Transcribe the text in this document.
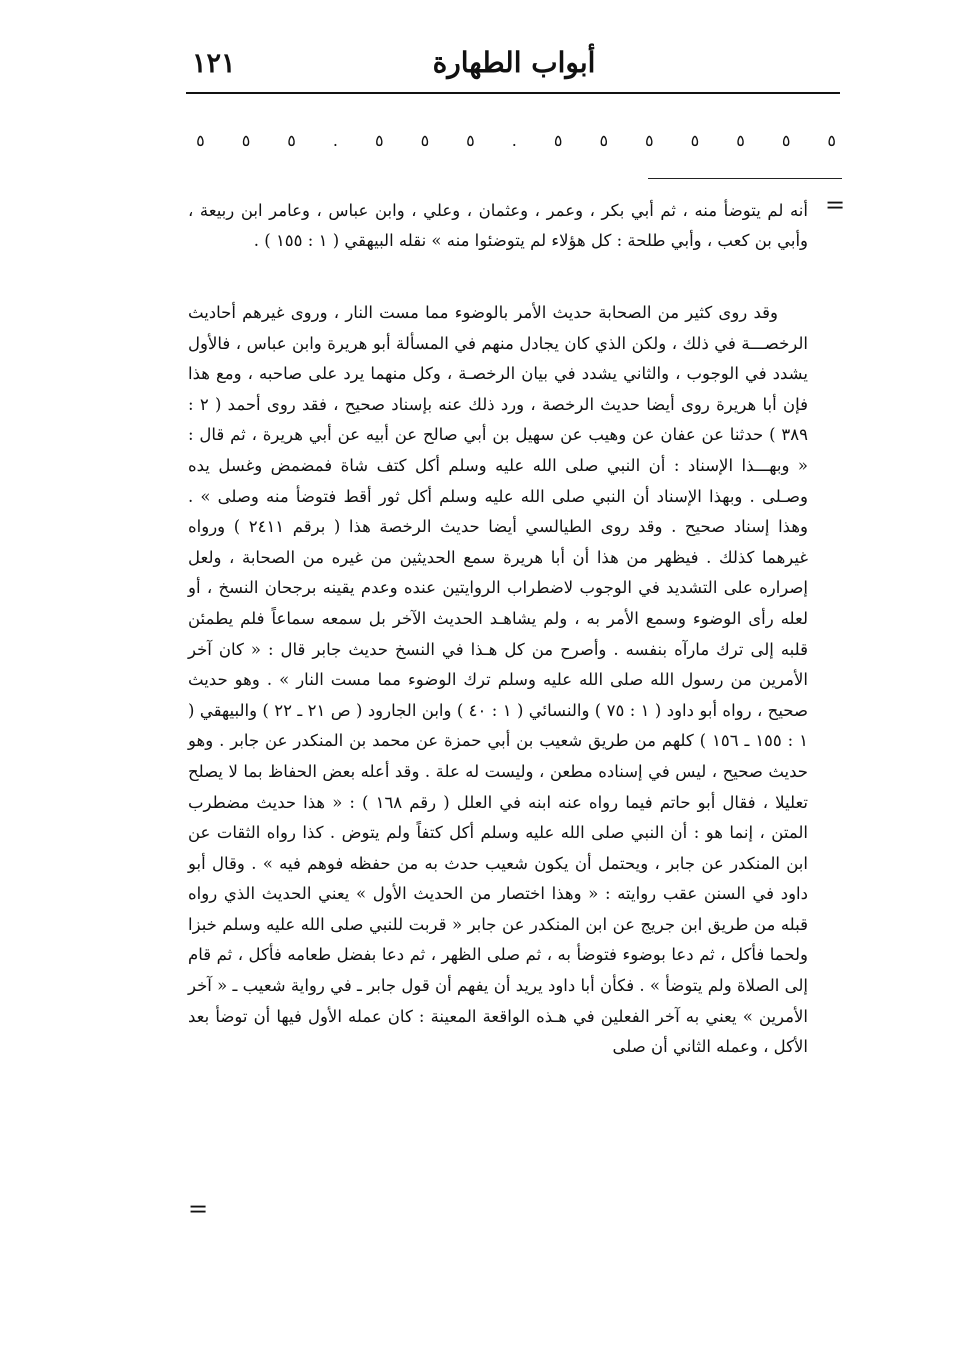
١٢١	أبواب الطهارة
٥
٥
٥
٥
٥
٥
٥
.
٥
٥
٥
.
٥
٥
٥
=

أنه لم يتوضأ منه ، ثم أبي بكر ، وعمر ، وعثمان ، وعلي ، وابن عباس ، وعامر ابن ربيعة ، وأبي بن كعب ، وأبي طلحة : كل هؤلاء لم يتوضئوا منه » نقله البيهقي ( ١ : ١٥٥ ) .

وقد روى كثير من الصحابة حديث الأمر بالوضوء مما مست النار ، وروى غيرهم أحاديث الرخصـــة في ذلك ، ولكن الذي كان يجادل منهم في المسألة أبو هريرة وابن عباس ، فالأول يشدد في الوجوب ، والثاني يشدد في بيان الرخصـة ، وكل منهما يرد على صاحبه ، ومع هذا فإن أبا هريرة روى أيضا حديث الرخصة ، ورد ذلك عنه بإسناد صحيح ، فقد روى أحمد ( ٢ : ٣٨٩ ) حدثنا عن عفان عن وهيب عن سهيل بن أبي صالح عن أبيه عن أبي هريرة ، ثم قال : « وبهـــذا الإسناد : أن النبي صلى الله عليه وسلم أكل كتف شاة فمضمض وغسل يده وصـلى . وبهذا الإسناد أن النبي صلى الله عليه وسلم أكل ثور أقط فتوضأ منه وصلى » . وهذا إسناد صحيح . وقد روى الطيالسي أيضا حديث الرخصة هذا ( برقم ٢٤١١ ) ورواه غيرهما كذلك . فيظهر من هذا أن أبا هريرة سمع الحديثين من غيره من الصحابة ، ولعل إصراره على التشديد في الوجوب لاضطراب الروايتين عنده وعدم يقينه برجحان النسخ ، أو لعله رأى الوضوء وسمع الأمر به ، ولم يشاهـد الحديث الآخر بل سمعه سماعاً فلم يطمئن قلبه إلى ترك مارآه بنفسه . وأصرح من كل هـذا في النسخ حديث جابر قال : « كان آخر الأمرين من رسول الله صلى الله عليه وسلم ترك الوضوء مما مست النار » . وهو حديث صحيح ، رواه أبو داود ( ١ : ٧٥ ) والنسائي ( ١ : ٤٠ ) وابن الجارود ( ص ٢١ ـ ٢٢ ) والبيهقي ( ١ : ١٥٥ ـ ١٥٦ ) كلهم من طريق شعيب بن أبي حمزة عن محمد بن المنكدر عن جابر . وهو حديث صحيح ، ليس في إسناده مطعن ، وليست له علة . وقد أعله بعض الحفاظ بما لا يصلح تعليلا ، فقال أبو حاتم فيما رواه عنه ابنه في العلل ( رقم ١٦٨ ) : « هذا حديث مضطرب المتن ، إنما هو : أن النبي صلى الله عليه وسلم أكل كتفاً ولم يتوض . كذا رواه الثقات عن ابن المنكدر عن جابر ، ويحتمل أن يكون شعيب حدث به من حفظه فوهم فيه » . وقال أبو داود في السنن عقب روايته : « وهذا اختصار من الحديث الأول » يعني الحديث الذي رواه قبله من طريق ابن جريج عن ابن المنكدر عن جابر « قربت للنبي صلى الله عليه وسلم خبزا ولحما فأكل ، ثم دعا بوضوء فتوضأ به ، ثم صلى الظهر ، ثم دعا بفضل طعامه فأكل ، ثم قام إلى الصلاة ولم يتوضأ » . فكأن أبا داود يريد أن يفهم أن قول جابر ـ في رواية شعيب ـ « آخر الأمرين » يعني به آخر الفعلين في هـذه الواقعة المعينة : كان عمله الأول فيها أن توضأ بعد الأكل ، وعمله الثاني أن صلى

=
